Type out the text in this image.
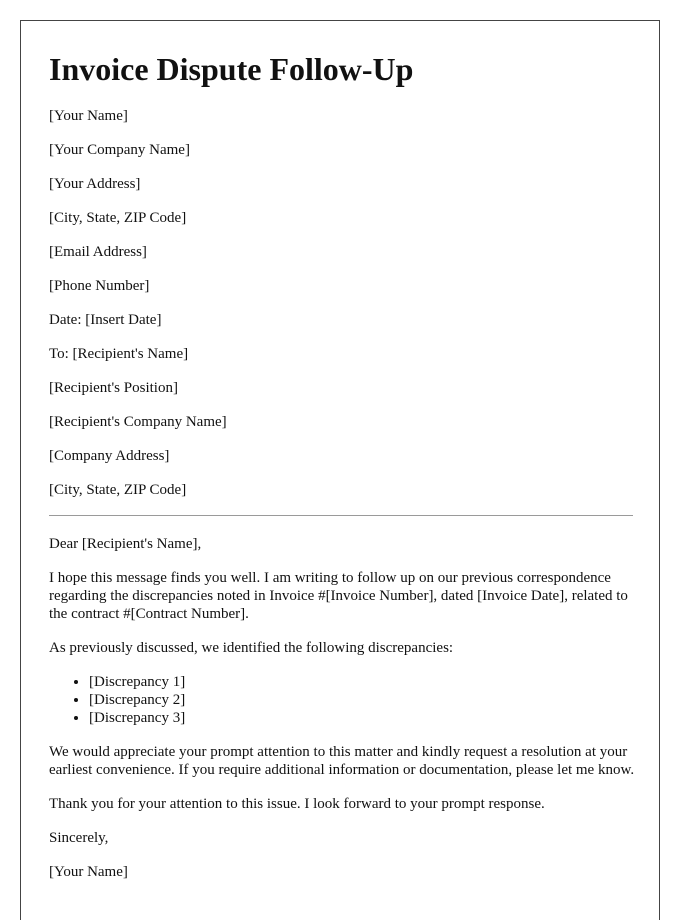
Invoice Dispute Follow-Up
[Your Name]
[Your Company Name]
[Your Address]
[City, State, ZIP Code]
[Email Address]
[Phone Number]
Date: [Insert Date]
To: [Recipient's Name]
[Recipient's Position]
[Recipient's Company Name]
[Company Address]
[City, State, ZIP Code]

Dear [Recipient's Name],

I hope this message finds you well. I am writing to follow up on our previous correspondence regarding the discrepancies noted in Invoice #[Invoice Number], dated [Invoice Date], related to the contract #[Contract Number].

As previously discussed, we identified the following discrepancies:

• [Discrepancy 1]
• [Discrepancy 2]
• [Discrepancy 3]

We would appreciate your prompt attention to this matter and kindly request a resolution at your earliest convenience. If you require additional information or documentation, please let me know.

Thank you for your attention to this issue. I look forward to your prompt response.

Sincerely,

[Your Name]
